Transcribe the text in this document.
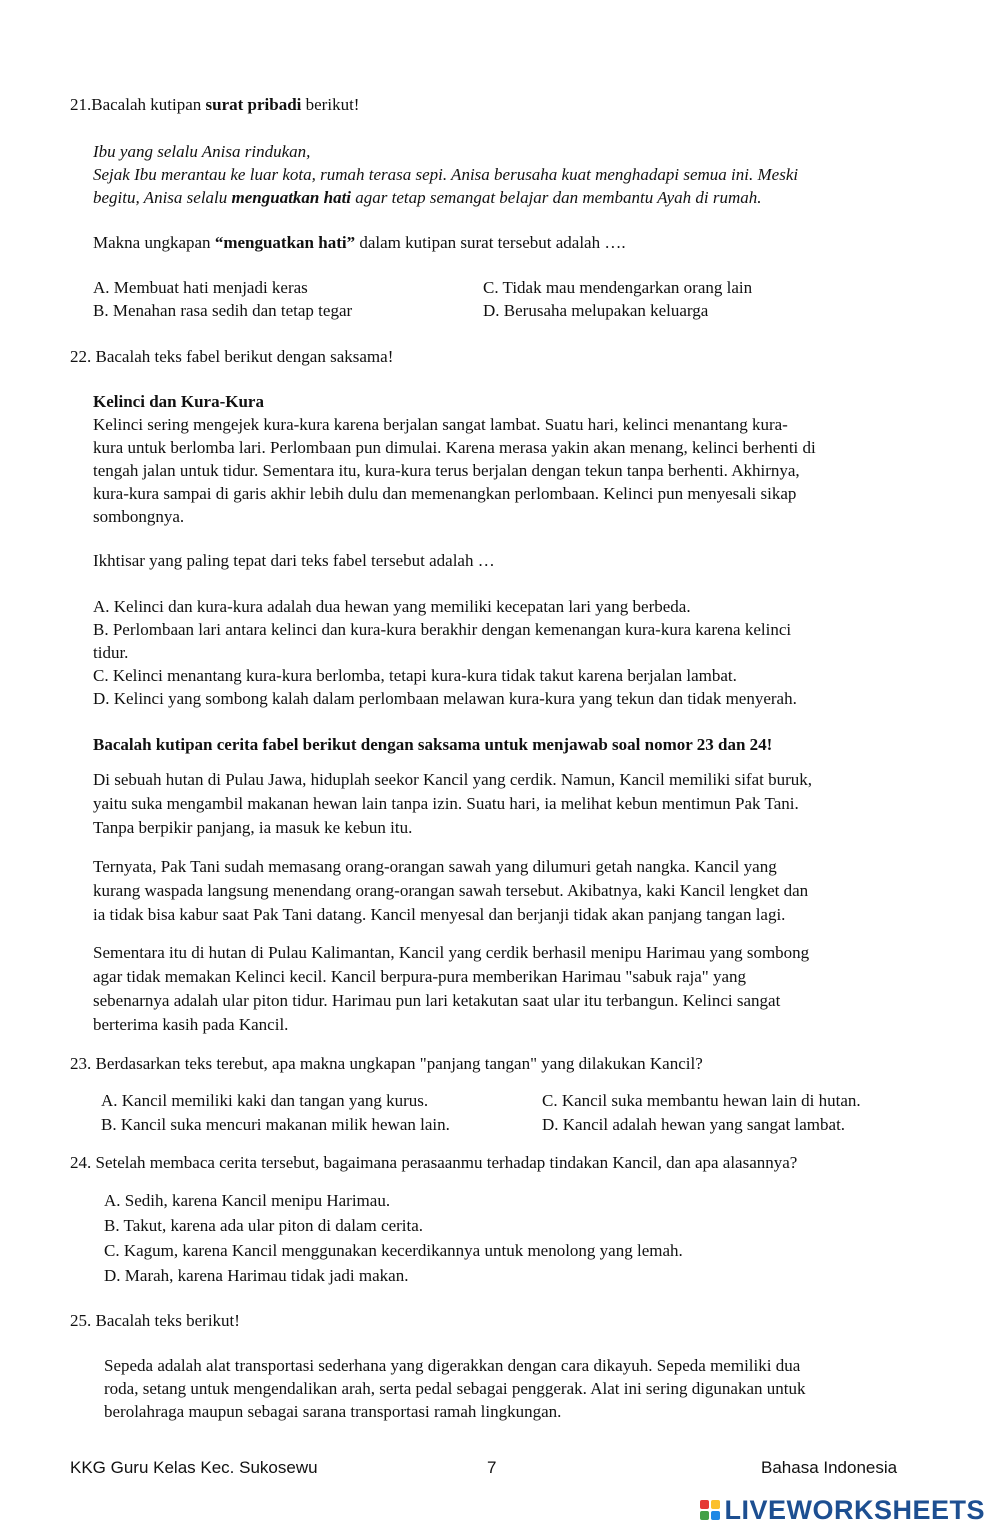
21.Bacalah kutipan surat pribadi berikut!
Ibu yang selalu Anisa rindukan,
Sejak Ibu merantau ke luar kota, rumah terasa sepi. Anisa berusaha kuat menghadapi semua ini. Meski
begitu, Anisa selalu menguatkan hati agar tetap semangat belajar dan membantu Ayah di rumah.
Makna ungkapan “menguatkan hati” dalam kutipan surat tersebut adalah ….
A. Membuat hati menjadi keras
B. Menahan rasa sedih dan tetap tegar
C. Tidak mau mendengarkan orang lain
D. Berusaha melupakan keluarga
22. Bacalah teks fabel berikut dengan saksama!
Kelinci dan Kura-Kura
Kelinci sering mengejek kura-kura karena berjalan sangat lambat. Suatu hari, kelinci menantang kura-
kura untuk berlomba lari. Perlombaan pun dimulai. Karena merasa yakin akan menang, kelinci berhenti di
tengah jalan untuk tidur. Sementara itu, kura-kura terus berjalan dengan tekun tanpa berhenti. Akhirnya,
kura-kura sampai di garis akhir lebih dulu dan memenangkan perlombaan. Kelinci pun menyesali sikap
sombongnya.
Ikhtisar yang paling tepat dari teks fabel tersebut adalah …
A. Kelinci dan kura-kura adalah dua hewan yang memiliki kecepatan lari yang berbeda.
B. Perlombaan lari antara kelinci dan kura-kura berakhir dengan kemenangan kura-kura karena kelinci
tidur.
C. Kelinci menantang kura-kura berlomba, tetapi kura-kura tidak takut karena berjalan lambat.
D. Kelinci yang sombong kalah dalam perlombaan melawan kura-kura yang tekun dan tidak menyerah.
Bacalah kutipan cerita fabel berikut dengan saksama untuk menjawab soal nomor 23 dan 24!
Di sebuah hutan di Pulau Jawa, hiduplah seekor Kancil yang cerdik. Namun, Kancil memiliki sifat buruk,
yaitu suka mengambil makanan hewan lain tanpa izin. Suatu hari, ia melihat kebun mentimun Pak Tani.
Tanpa berpikir panjang, ia masuk ke kebun itu.
Ternyata, Pak Tani sudah memasang orang-orangan sawah yang dilumuri getah nangka. Kancil yang
kurang waspada langsung menendang orang-orangan sawah tersebut. Akibatnya, kaki Kancil lengket dan
ia tidak bisa kabur saat Pak Tani datang. Kancil menyesal dan berjanji tidak akan panjang tangan lagi.
Sementara itu di hutan di Pulau Kalimantan, Kancil yang cerdik berhasil menipu Harimau yang sombong
agar tidak memakan Kelinci kecil. Kancil berpura-pura memberikan Harimau "sabuk raja" yang
sebenarnya adalah ular piton tidur. Harimau pun lari ketakutan saat ular itu terbangun. Kelinci sangat
berterima kasih pada Kancil.
23. Berdasarkan teks terebut, apa makna ungkapan "panjang tangan" yang dilakukan Kancil?
A. Kancil memiliki kaki dan tangan yang kurus.
B. Kancil suka mencuri makanan milik hewan lain.
C. Kancil suka membantu hewan lain di hutan.
D. Kancil adalah hewan yang sangat lambat.
24. Setelah membaca cerita tersebut, bagaimana perasaanmu terhadap tindakan Kancil, dan apa alasannya?
A. Sedih, karena Kancil menipu Harimau.
B. Takut, karena ada ular piton di dalam cerita.
C. Kagum, karena Kancil menggunakan kecerdikannya untuk menolong yang lemah.
D. Marah, karena Harimau tidak jadi makan.
25. Bacalah teks berikut!
Sepeda adalah alat transportasi sederhana yang digerakkan dengan cara dikayuh. Sepeda memiliki dua
roda, setang untuk mengendalikan arah, serta pedal sebagai penggerak. Alat ini sering digunakan untuk
berolahraga maupun sebagai sarana transportasi ramah lingkungan.
KKG Guru Kelas Kec. Sukosewu	7	Bahasa Indonesia
LIVEWORKSHEETS
